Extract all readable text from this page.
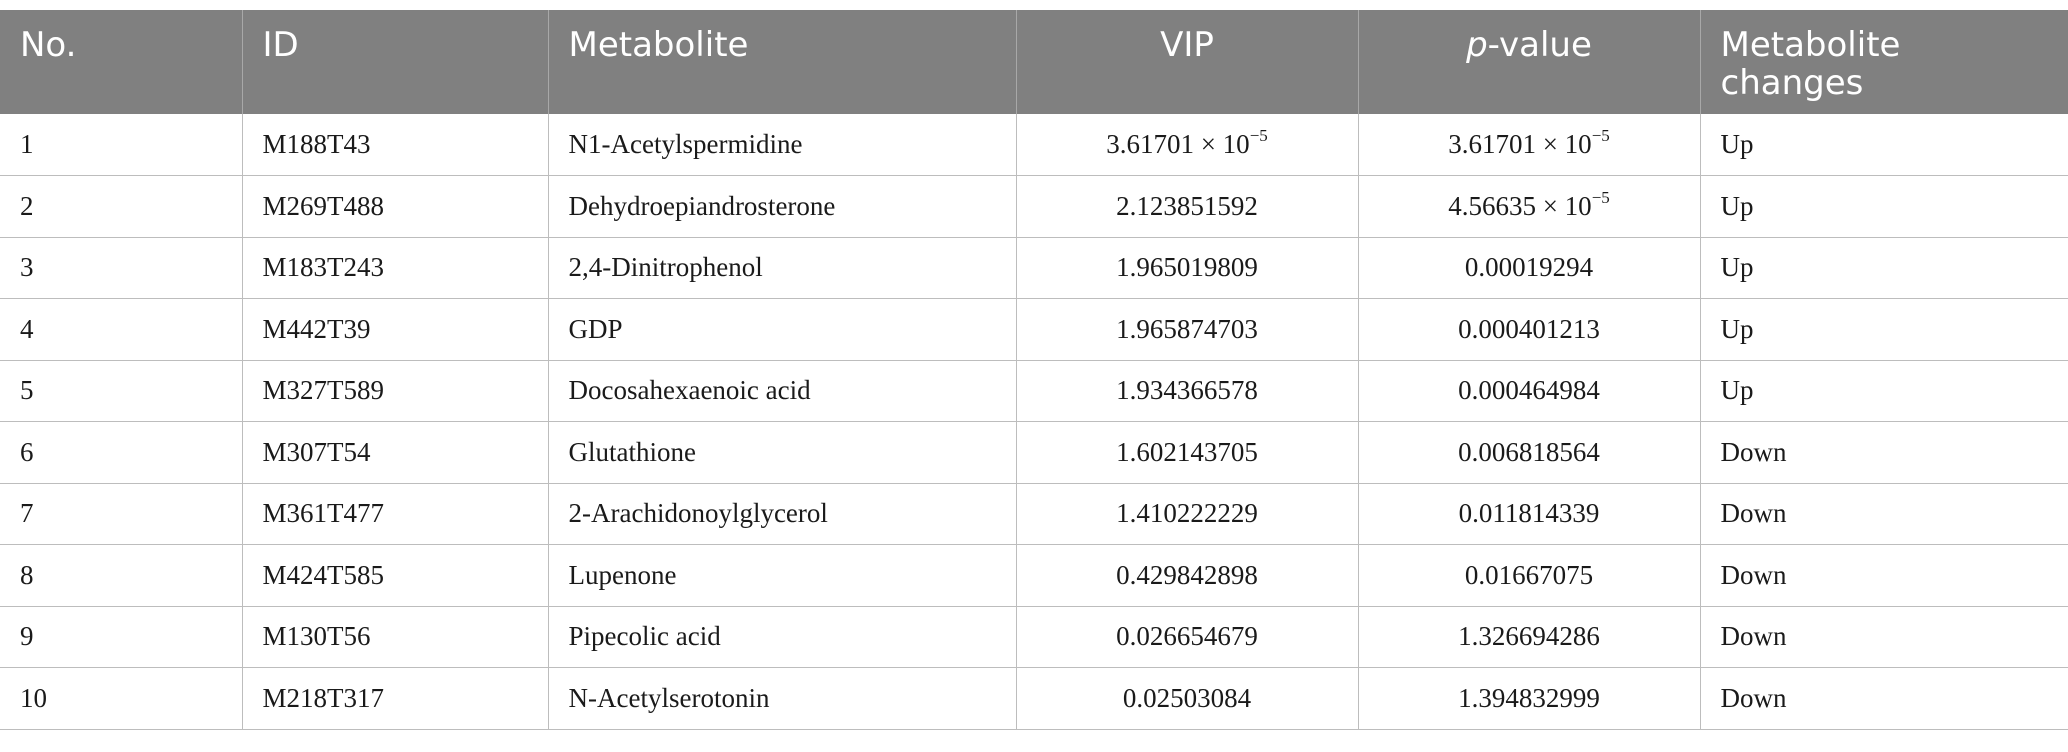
No.	ID	Metabolite	VIP	p-value	Metabolite
changes
1	M188T43	N1-Acetylspermidine	$3.61701 \times 10^{-5}$	$3.61701 \times 10^{-5}$	Up
2	M269T488	Dehydroepiandrosterone	2.123851592	$4.56635 \times 10^{-5}$	Up
3	M183T243	2,4-Dinitrophenol	1.965019809	0.00019294	Up
4	M442T39	GDP	1.965874703	0.000401213	Up
5	M327T589	Docosahexaenoic acid	1.934366578	0.000464984	Up
6	M307T54	Glutathione	1.602143705	0.006818564	Down
7	M361T477	2-Arachidonoylglycerol	1.410222229	0.011814339	Down
8	M424T585	Lupenone	0.429842898	0.01667075	Down
9	M130T56	Pipecolic acid	0.026654679	1.326694286	Down
10	M218T317	N-Acetylserotonin	0.02503084	1.394832999	Down
